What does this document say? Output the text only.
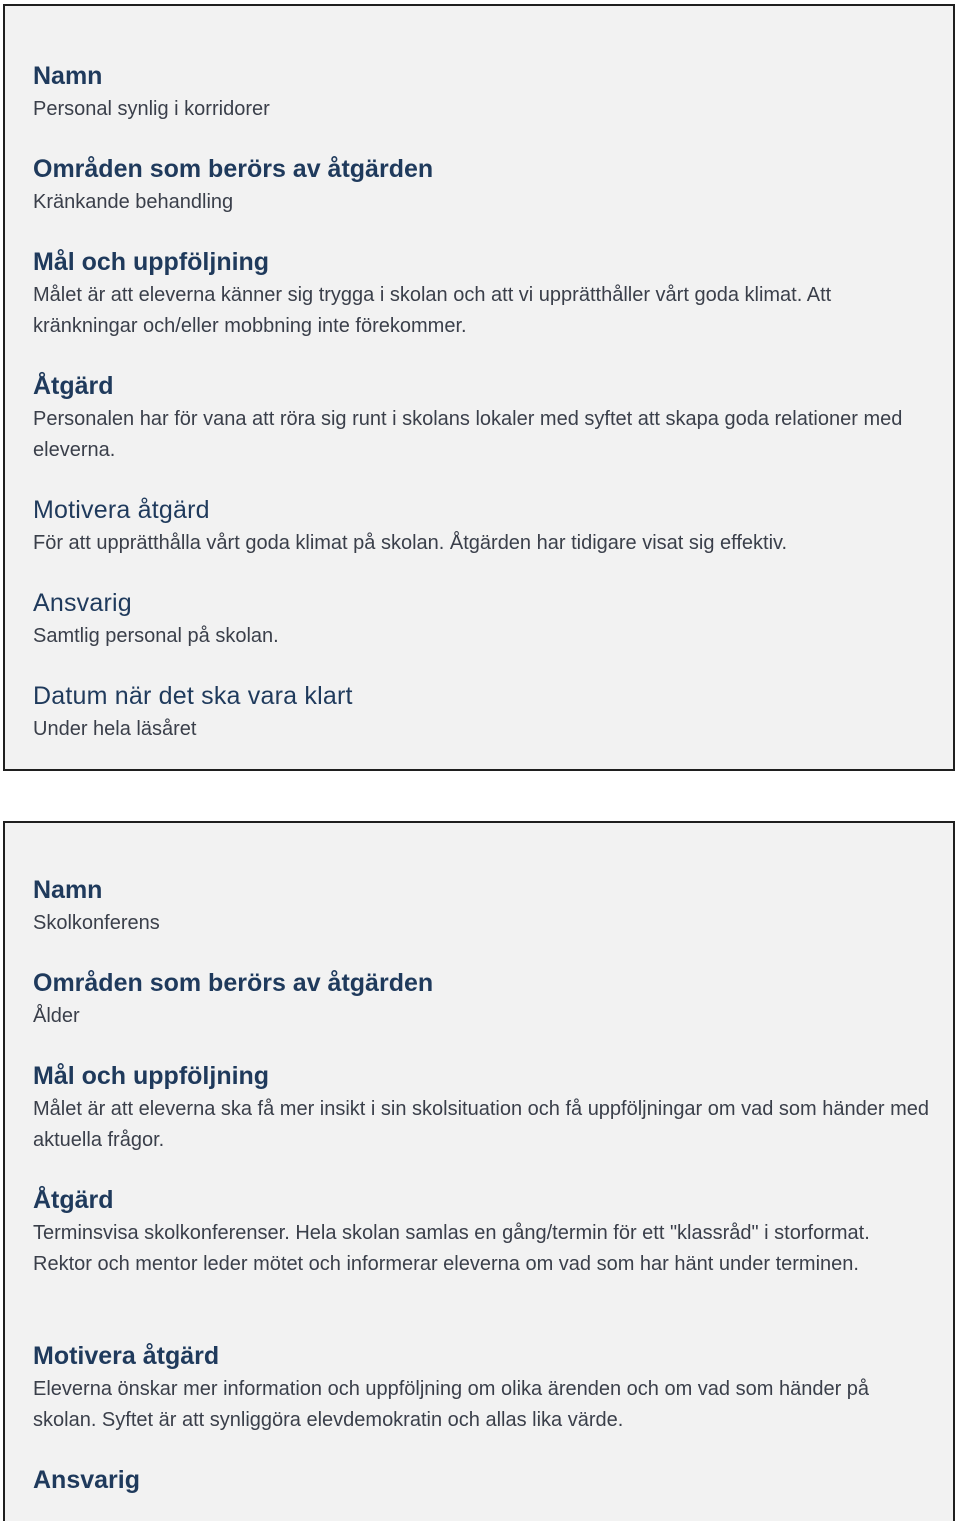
Namn
Personal synlig i korridorer
Områden som berörs av åtgärden
Kränkande behandling
Mål och uppföljning
Målet är att eleverna känner sig trygga i skolan och att vi upprätthåller vårt goda klimat. Att kränkningar och/eller mobbning inte förekommer.
Åtgärd
Personalen har för vana att röra sig runt i skolans lokaler med syftet att skapa goda relationer med eleverna.
Motivera åtgärd
För att upprätthålla vårt goda klimat på skolan. Åtgärden har tidigare visat sig effektiv.
Ansvarig
Samtlig personal på skolan.
Datum när det ska vara klart
Under hela läsåret
Namn
Skolkonferens
Områden som berörs av åtgärden
Ålder
Mål och uppföljning
Målet är att eleverna ska få mer insikt i sin skolsituation och få uppföljningar om vad som händer med aktuella frågor.
Åtgärd
Terminsvisa skolkonferenser. Hela skolan samlas en gång/termin för ett "klassråd" i storformat. Rektor och mentor leder mötet och informerar eleverna om vad som har hänt under terminen.
Motivera åtgärd
Eleverna önskar mer information och uppföljning om olika ärenden och om vad som händer på skolan. Syftet är att synliggöra elevdemokratin och allas lika värde.
Ansvarig
